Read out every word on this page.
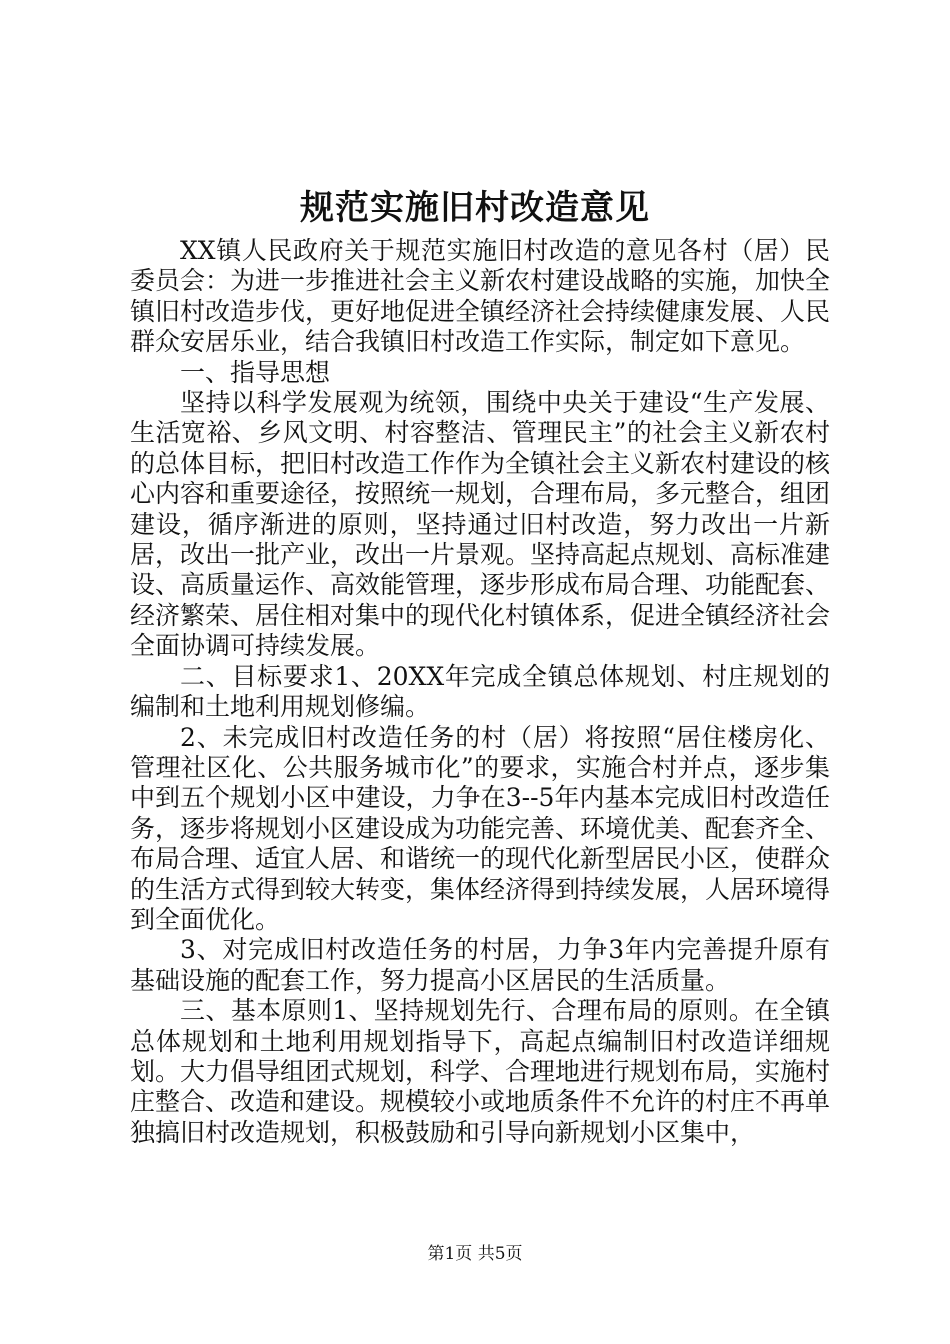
规范实施旧村改造意见

XX镇人民政府关于规范实施旧村改造的意见各村（居）民委员会：为进一步推进社会主义新农村建设战略的实施，加快全镇旧村改造步伐，更好地促进全镇经济社会持续健康发展、人民群众安居乐业，结合我镇旧村改造工作实际，制定如下意见。

一、指导思想

坚持以科学发展观为统领，围绕中央关于建设“生产发展、生活宽裕、乡风文明、村容整洁、管理民主”的社会主义新农村的总体目标，把旧村改造工作作为全镇社会主义新农村建设的核心内容和重要途径，按照统一规划，合理布局，多元整合，组团建设，循序渐进的原则，坚持通过旧村改造，努力改出一片新居，改出一批产业，改出一片景观。坚持高起点规划、高标准建设、高质量运作、高效能管理，逐步形成布局合理、功能配套、经济繁荣、居住相对集中的现代化村镇体系，促进全镇经济社会全面协调可持续发展。

二、目标要求1、20XX年完成全镇总体规划、村庄规划的编制和土地利用规划修编。

2、未完成旧村改造任务的村（居）将按照“居住楼房化、管理社区化、公共服务城市化”的要求，实施合村并点，逐步集中到五个规划小区中建设，力争在3--5年内基本完成旧村改造任务，逐步将规划小区建设成为功能完善、环境优美、配套齐全、布局合理、适宜人居、和谐统一的现代化新型居民小区，使群众的生活方式得到较大转变，集体经济得到持续发展，人居环境得到全面优化。

3、对完成旧村改造任务的村居，力争3年内完善提升原有基础设施的配套工作，努力提高小区居民的生活质量。

三、基本原则1、坚持规划先行、合理布局的原则。在全镇总体规划和土地利用规划指导下，高起点编制旧村改造详细规划。大力倡导组团式规划，科学、合理地进行规划布局，实施村庄整合、改造和建设。规模较小或地质条件不允许的村庄不再单独搞旧村改造规划，积极鼓励和引导向新规划小区集中，

第1页 共5页
